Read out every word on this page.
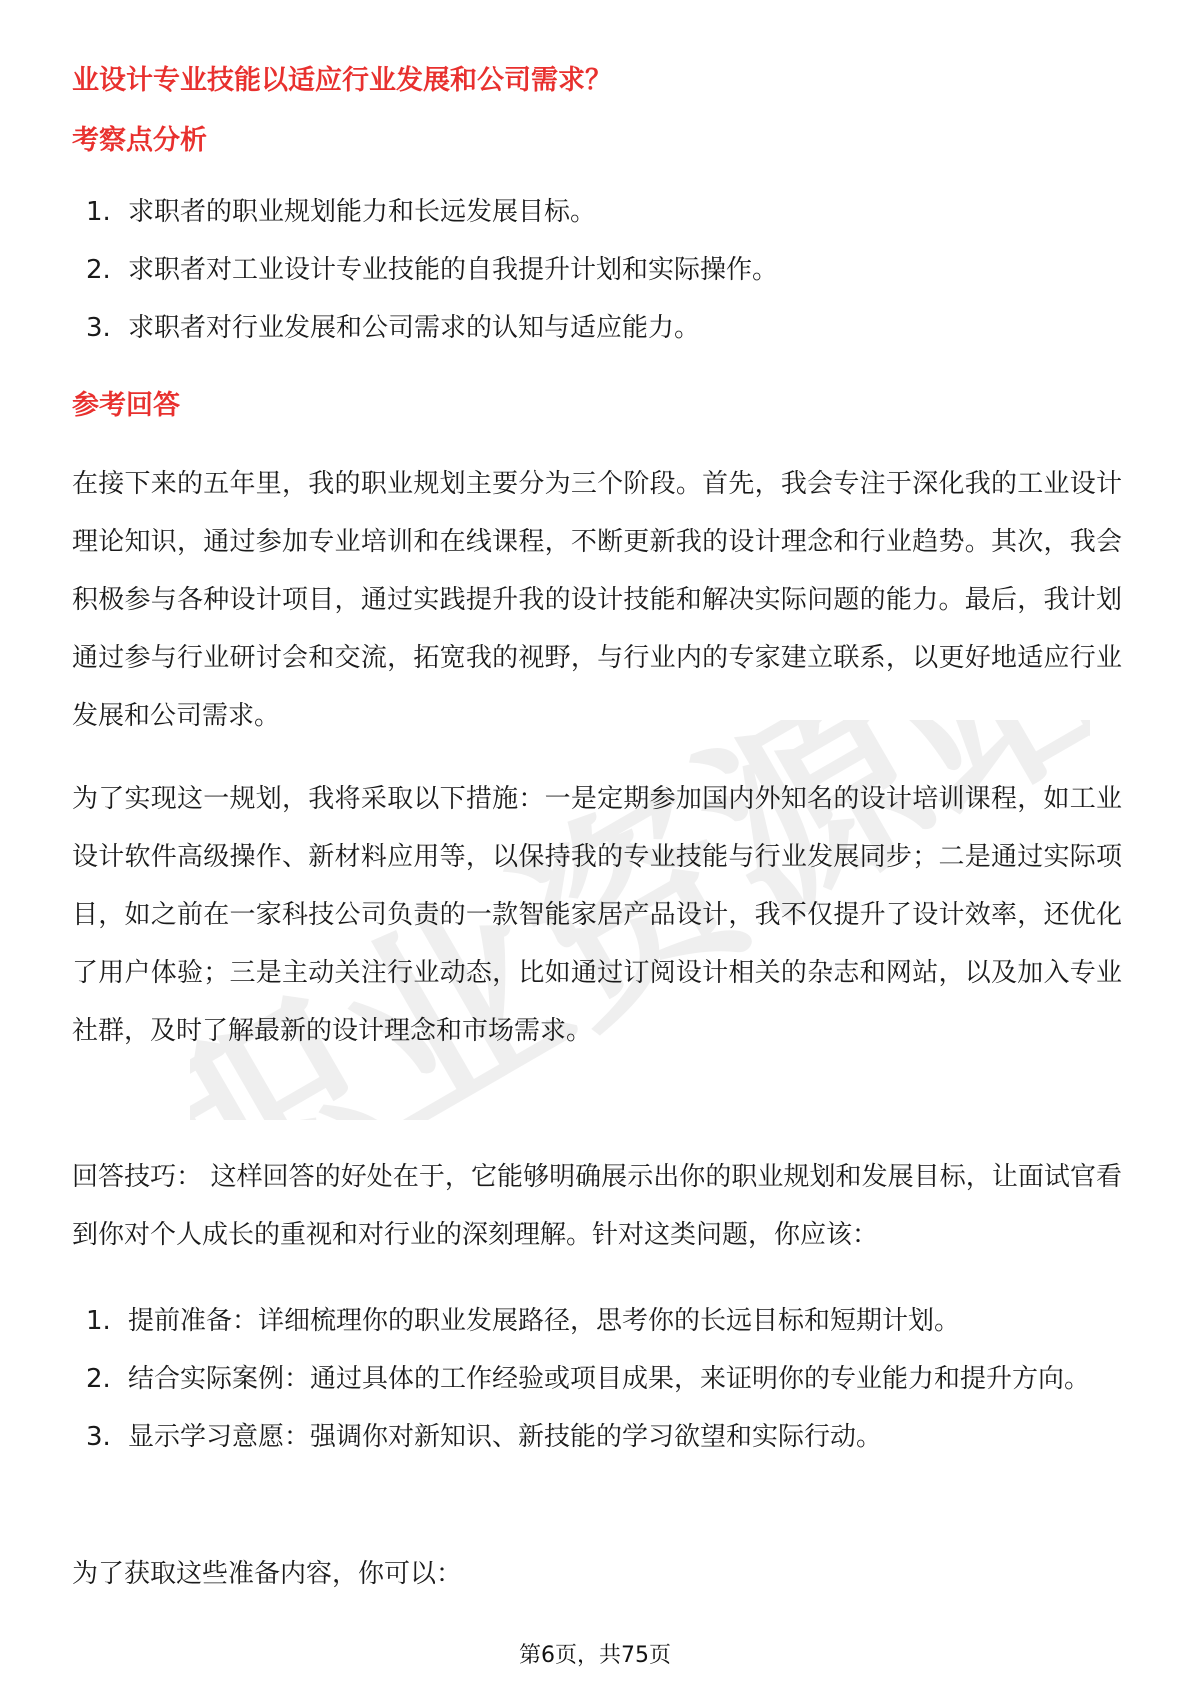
业设计专业技能以适应行业发展和公司需求？
考察点分析
1. 求职者的职业规划能力和长远发展目标。
2. 求职者对工业设计专业技能的自我提升计划和实际操作。
3. 求职者对行业发展和公司需求的认知与适应能力。
参考回答

在接下来的五年里，我的职业规划主要分为三个阶段。首先，我会专注于深化我的工业设计理论知识，通过参加专业培训和在线课程，不断更新我的设计理念和行业趋势。其次，我会积极参与各种设计项目，通过实践提升我的设计技能和解决实际问题的能力。最后，我计划通过参与行业研讨会和交流，拓宽我的视野，与行业内的专家建立联系，以更好地适应行业发展和公司需求。

为了实现这一规划，我将采取以下措施：一是定期参加国内外知名的设计培训课程，如工业设计软件高级操作、新材料应用等，以保持我的专业技能与行业发展同步；二是通过实际项目，如之前在一家科技公司负责的一款智能家居产品设计，我不仅提升了设计效率，还优化了用户体验；三是主动关注行业动态，比如通过订阅设计相关的杂志和网站，以及加入专业社群，及时了解最新的设计理念和市场需求。

回答技巧： 这样回答的好处在于，它能够明确展示出你的职业规划和发展目标，让面试官看到你对个人成长的重视和对行业的深刻理解。针对这类问题，你应该：

1. 提前准备：详细梳理你的职业发展路径，思考你的长远目标和短期计划。
2. 结合实际案例：通过具体的工作经验或项目成果，来证明你的专业能力和提升方向。
3. 显示学习意愿：强调你对新知识、新技能的学习欲望和实际行动。

为了获取这些准备内容，你可以：

职业资源站
第6页，共75页
